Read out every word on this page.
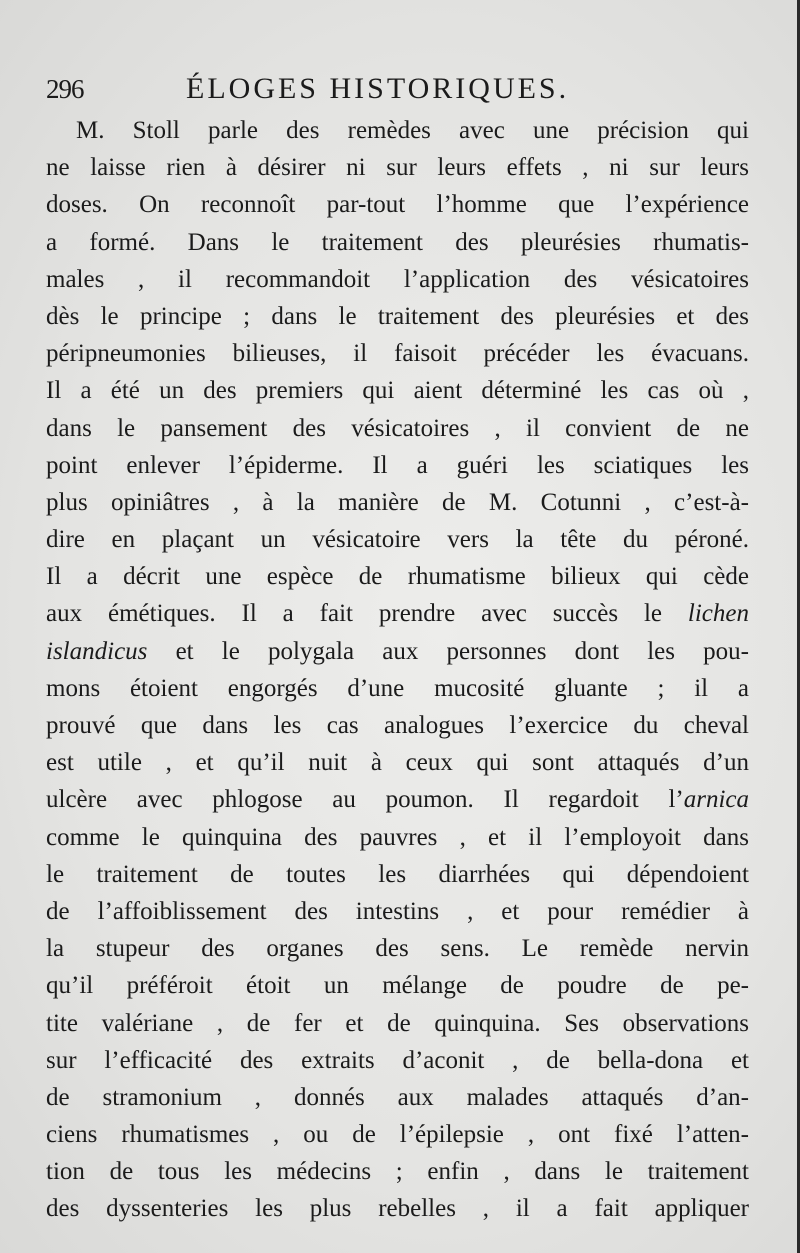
296	ÉLOGES HISTORIQUES.
M. Stoll parle des remèdes avec une précision qui
ne laisse rien à désirer ni sur leurs effets , ni sur leurs
doses. On reconnoît par-tout l’homme que l’expérience
a formé. Dans le traitement des pleurésies rhumatis-
males , il recommandoit l’application des vésicatoires
dès le principe ; dans le traitement des pleurésies et des
péripneumonies bilieuses, il faisoit précéder les évacuans.
Il a été un des premiers qui aient déterminé les cas où ,
dans le pansement des vésicatoires , il convient de ne
point enlever l’épiderme. Il a guéri les sciatiques les
plus opiniâtres , à la manière de M. Cotunni , c’est-à-
dire en plaçant un vésicatoire vers la tête du péroné.
Il a décrit une espèce de rhumatisme bilieux qui cède
aux émétiques. Il a fait prendre avec succès le lichen
islandicus et le polygala aux personnes dont les pou-
mons étoient engorgés d’une mucosité gluante ; il a
prouvé que dans les cas analogues l’exercice du cheval
est utile , et qu’il nuit à ceux qui sont attaqués d’un
ulcère avec phlogose au poumon. Il regardoit l’arnica
comme le quinquina des pauvres , et il l’employoit dans
le traitement de toutes les diarrhées qui dépendoient
de l’affoiblissement des intestins , et pour remédier à
la stupeur des organes des sens. Le remède nervin
qu’il préféroit étoit un mélange de poudre de pe-
tite valériane , de fer et de quinquina. Ses observations
sur l’efficacité des extraits d’aconit , de bella-dona et
de stramonium , donnés aux malades attaqués d’an-
ciens rhumatismes , ou de l’épilepsie , ont fixé l’atten-
tion de tous les médecins ; enfin , dans le traitement
des dyssenteries les plus rebelles , il a fait appliquer
